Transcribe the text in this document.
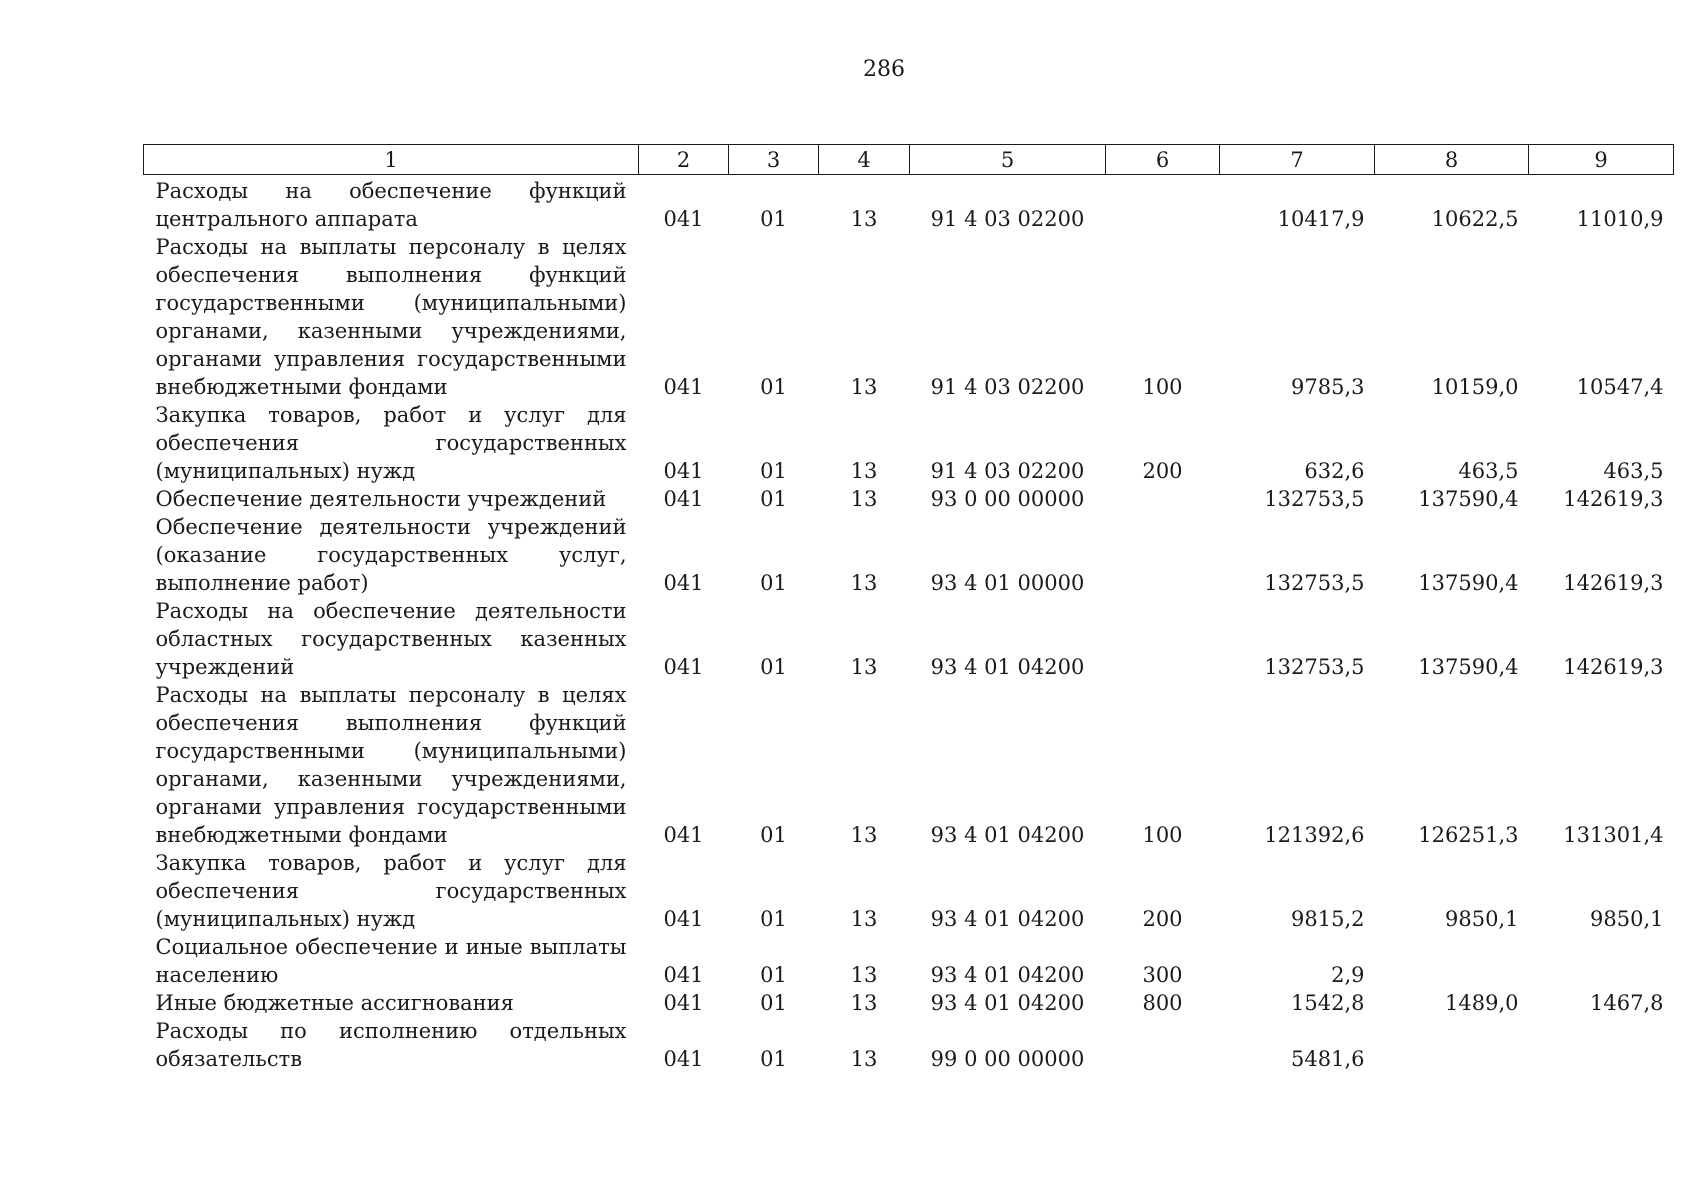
286
1	2	3	4	5	6	7	8	9
Расходы на обеспечение функций центрального аппарата	041	01	13	91 4 03 02200		10417,9	10622,5	11010,9
Расходы на выплаты персоналу в целях обеспечения выполнения функций государственными (муниципальными) органами, казенными учреждениями, органами управления государственными внебюджетными фондами	041	01	13	91 4 03 02200	100	9785,3	10159,0	10547,4
Закупка товаров, работ и услуг для обеспечения государственных (муниципальных) нужд	041	01	13	91 4 03 02200	200	632,6	463,5	463,5
Обеспечение деятельности учреждений	041	01	13	93 0 00 00000		132753,5	137590,4	142619,3
Обеспечение деятельности учреждений (оказание государственных услуг, выполнение работ)	041	01	13	93 4 01 00000		132753,5	137590,4	142619,3
Расходы на обеспечение деятельности областных государственных казенных учреждений	041	01	13	93 4 01 04200		132753,5	137590,4	142619,3
Расходы на выплаты персоналу в целях обеспечения выполнения функций государственными (муниципальными) органами, казенными учреждениями, органами управления государственными внебюджетными фондами	041	01	13	93 4 01 04200	100	121392,6	126251,3	131301,4
Закупка товаров, работ и услуг для обеспечения государственных (муниципальных) нужд	041	01	13	93 4 01 04200	200	9815,2	9850,1	9850,1
Социальное обеспечение и иные выплаты населению	041	01	13	93 4 01 04200	300	2,9		
Иные бюджетные ассигнования	041	01	13	93 4 01 04200	800	1542,8	1489,0	1467,8
Расходы по исполнению отдельных обязательств	041	01	13	99 0 00 00000		5481,6		
